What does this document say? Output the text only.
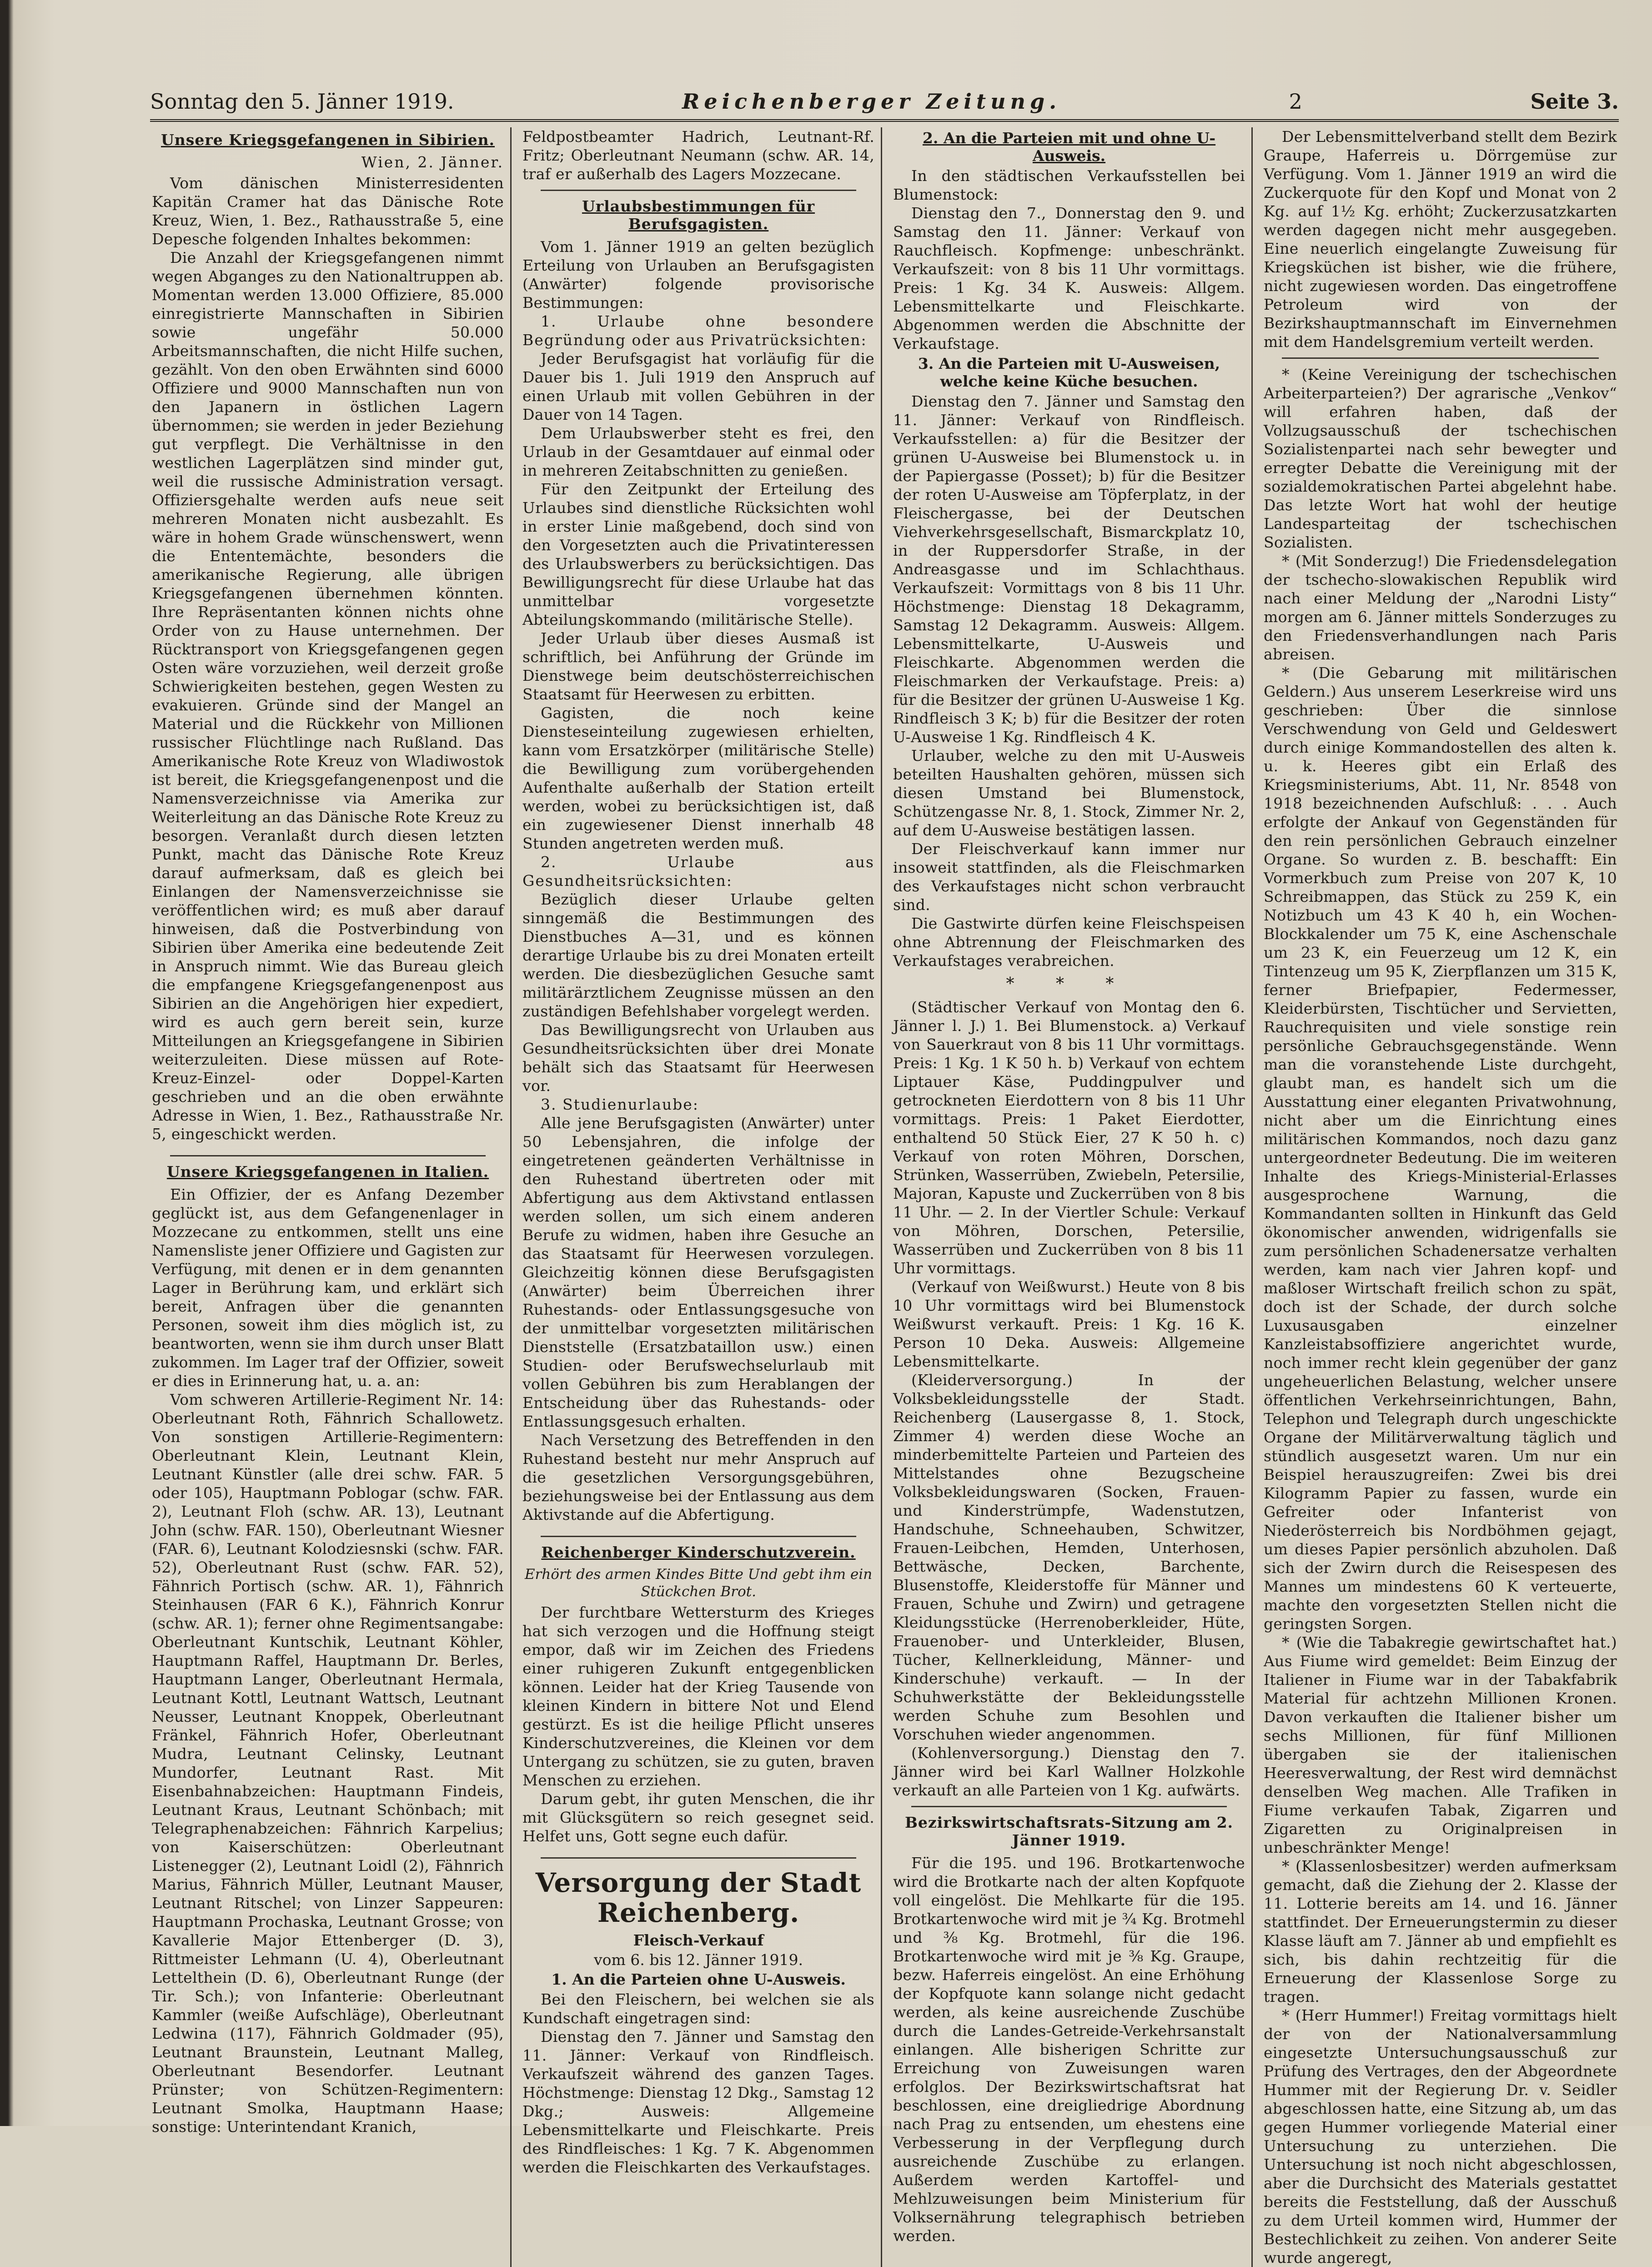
Sonntag den 5. Jänner 1919.	Reichenberger Zeitung.	2	Seite 3.
Unsere Kriegsgefangenen in Sibirien.
Wien, 2. Jänner.

Vom dänischen Ministerresidenten Kapitän Cramer hat das Dänische Rote Kreuz, Wien, 1. Bez., Rathausstraße 5, eine Depesche folgenden Inhaltes bekommen:

Die Anzahl der Kriegsgefangenen nimmt wegen Abganges zu den Nationaltruppen ab. Momentan werden 13.000 Offiziere, 85.000 einregistrierte Mannschaften in Sibirien sowie ungefähr 50.000 Arbeitsmannschaften, die nicht Hilfe suchen, gezählt. Von den oben Erwähnten sind 6000 Offiziere und 9000 Mannschaften nun von den Japanern in östlichen Lagern übernommen; sie werden in jeder Beziehung gut verpflegt. Die Verhältnisse in den westlichen Lagerplätzen sind minder gut, weil die russische Administration versagt. Offiziersgehalte werden aufs neue seit mehreren Monaten nicht ausbezahlt. Es wäre in hohem Grade wünschenswert, wenn die Ententemächte, besonders die amerikanische Regierung, alle übrigen Kriegsgefangenen übernehmen könnten. Ihre Repräsentanten können nichts ohne Order von zu Hause unternehmen. Der Rücktransport von Kriegsgefangenen gegen Osten wäre vorzuziehen, weil derzeit große Schwierigkeiten bestehen, gegen Westen zu evakuieren. Gründe sind der Mangel an Material und die Rückkehr von Millionen russischer Flüchtlinge nach Rußland. Das Amerikanische Rote Kreuz von Wladiwostok ist bereit, die Kriegsgefangenenpost und die Namensverzeichnisse via Amerika zur Weiterleitung an das Dänische Rote Kreuz zu besorgen. Veranlaßt durch diesen letzten Punkt, macht das Dänische Rote Kreuz darauf aufmerksam, daß es gleich bei Einlangen der Namensverzeichnisse sie veröffentlichen wird; es muß aber darauf hinweisen, daß die Postverbindung von Sibirien über Amerika eine bedeutende Zeit in Anspruch nimmt. Wie das Bureau gleich die empfangene Kriegsgefangenenpost aus Sibirien an die Angehörigen hier expediert, wird es auch gern bereit sein, kurze Mitteilungen an Kriegsgefangene in Sibirien weiterzuleiten. Diese müssen auf Rote-Kreuz-Einzel- oder Doppel-Karten geschrieben und an die oben erwähnte Adresse in Wien, 1. Bez., Rathausstraße Nr. 5, eingeschickt werden.

Unsere Kriegsgefangenen in Italien.

Ein Offizier, der es Anfang Dezember geglückt ist, aus dem Gefangenenlager in Mozzecane zu entkommen, stellt uns eine Namensliste jener Offiziere und Gagisten zur Verfügung, mit denen er in dem genannten Lager in Berührung kam, und erklärt sich bereit, Anfragen über die genannten Personen, soweit ihm dies möglich ist, zu beantworten, wenn sie ihm durch unser Blatt zukommen. Im Lager traf der Offizier, soweit er dies in Erinnerung hat, u. a. an:

Vom schweren Artillerie-Regiment Nr. 14: Oberleutnant Roth, Fähnrich Schallowetz. Von sonstigen Artillerie-Regimentern: Oberleutnant Klein, Leutnant Klein, Leutnant Künstler (alle drei schw. FAR. 5 oder 105), Hauptmann Poblogar (schw. FAR. 2), Leutnant Floh (schw. AR. 13), Leutnant John (schw. FAR. 150), Oberleutnant Wiesner (FAR. 6), Leutnant Kolodziesnski (schw. FAR. 52), Oberleutnant Rust (schw. FAR. 52), Fähnrich Portisch (schw. AR. 1), Fähnrich Steinhausen (FAR 6 K.), Fähnrich Konrur (schw. AR. 1); ferner ohne Regimentsangabe: Oberleutnant Kuntschik, Leutnant Köhler, Hauptmann Raffel, Hauptmann Dr. Berles, Hauptmann Langer, Oberleutnant Hermala, Leutnant Kottl, Leutnant Wattsch, Leutnant Neusser, Leutnant Knoppek, Oberleutnant Fränkel, Fähnrich Hofer, Oberleutnant Mudra, Leutnant Celinsky, Leutnant Mundorfer, Leutnant Rast. Mit Eisenbahnabzeichen: Hauptmann Findeis, Leutnant Kraus, Leutnant Schönbach; mit Telegraphenabzeichen: Fähnrich Karpelius; von Kaiserschützen: Oberleutnant Listenegger (2), Leutnant Loidl (2), Fähnrich Marius, Fähnrich Müller, Leutnant Mauser, Leutnant Ritschel; von Linzer Sappeuren: Hauptmann Prochaska, Leutnant Grosse; von Kavallerie Major Ettenberger (D. 3), Rittmeister Lehmann (U. 4), Oberleutnant Lettelthein (D. 6), Oberleutnant Runge (der Tir. Sch.); von Infanterie: Oberleutnant Kammler (weiße Aufschläge), Oberleutnant Ledwina (117), Fähnrich Goldmader (95), Leutnant Braunstein, Leutnant Malleg, Oberleutnant Besendorfer. Leutnant Prünster; von Schützen-Regimentern: Leutnant Smolka, Hauptmann Haase; sonstige: Unterintendant Kranich,

Feldpostbeamter Hadrich, Leutnant-Rf. Fritz; Oberleutnant Neumann (schw. AR. 14, traf er außerhalb des Lagers Mozzecane.

Urlaubsbestimmungen für Berufsgagisten.

Vom 1. Jänner 1919 an gelten bezüglich Erteilung von Urlauben an Berufsgagisten (Anwärter) folgende provisorische Bestimmungen:

1. Urlaube ohne besondere Begründung oder aus Privatrücksichten:

Jeder Berufsgagist hat vorläufig für die Dauer bis 1. Juli 1919 den Anspruch auf einen Urlaub mit vollen Gebühren in der Dauer von 14 Tagen.

Dem Urlaubswerber steht es frei, den Urlaub in der Gesamtdauer auf einmal oder in mehreren Zeitabschnitten zu genießen.

Für den Zeitpunkt der Erteilung des Urlaubes sind dienstliche Rücksichten wohl in erster Linie maßgebend, doch sind von den Vorgesetzten auch die Privatinteressen des Urlaubswerbers zu berücksichtigen. Das Bewilligungsrecht für diese Urlaube hat das unmittelbar vorgesetzte Abteilungskommando (militärische Stelle).

Jeder Urlaub über dieses Ausmaß ist schriftlich, bei Anführung der Gründe im Dienstwege beim deutschösterreichischen Staatsamt für Heerwesen zu erbitten.

Gagisten, die noch keine Diensteseinteilung zugewiesen erhielten, kann vom Ersatzkörper (militärische Stelle) die Bewilligung zum vorübergehenden Aufenthalte außerhalb der Station erteilt werden, wobei zu berücksichtigen ist, daß ein zugewiesener Dienst innerhalb 48 Stunden angetreten werden muß.

2. Urlaube aus Gesundheitsrücksichten:

Bezüglich dieser Urlaube gelten sinngemäß die Bestimmungen des Dienstbuches A—31, und es können derartige Urlaube bis zu drei Monaten erteilt werden. Die diesbezüglichen Gesuche samt militärärztlichem Zeugnisse müssen an den zuständigen Befehlshaber vorgelegt werden.

Das Bewilligungsrecht von Urlauben aus Gesundheitsrücksichten über drei Monate behält sich das Staatsamt für Heerwesen vor.

3. Studienurlaube:

Alle jene Berufsgagisten (Anwärter) unter 50 Lebensjahren, die infolge der eingetretenen geänderten Verhältnisse in den Ruhestand übertreten oder mit Abfertigung aus dem Aktivstand entlassen werden sollen, um sich einem anderen Berufe zu widmen, haben ihre Gesuche an das Staatsamt für Heerwesen vorzulegen. Gleichzeitig können diese Berufsgagisten (Anwärter) beim Überreichen ihrer Ruhestands- oder Entlassungsgesuche von der unmittelbar vorgesetzten militärischen Dienststelle (Ersatzbataillon usw.) einen Studien- oder Berufswechselurlaub mit vollen Gebühren bis zum Herablangen der Entscheidung über das Ruhestands- oder Entlassungsgesuch erhalten.

Nach Versetzung des Betreffenden in den Ruhestand besteht nur mehr Anspruch auf die gesetzlichen Versorgungsgebühren, beziehungsweise bei der Entlassung aus dem Aktivstande auf die Abfertigung.

Reichenberger Kinderschutzverein.
Erhört des armen Kindes Bitte Und gebt ihm ein Stückchen Brot.

Der furchtbare Wettersturm des Krieges hat sich verzogen und die Hoffnung steigt empor, daß wir im Zeichen des Friedens einer ruhigeren Zukunft entgegenblicken können. Leider hat der Krieg Tausende von kleinen Kindern in bittere Not und Elend gestürzt. Es ist die heilige Pflicht unseres Kinderschutzvereines, die Kleinen vor dem Untergang zu schützen, sie zu guten, braven Menschen zu erziehen.

Darum gebt, ihr guten Menschen, die ihr mit Glücksgütern so reich gesegnet seid. Helfet uns, Gott segne euch dafür.

Versorgung der Stadt Reichenberg.
Fleisch-Verkauf
vom 6. bis 12. Jänner 1919.
1. An die Parteien ohne U-Ausweis.

Bei den Fleischern, bei welchen sie als Kundschaft eingetragen sind:

Dienstag den 7. Jänner und Samstag den 11. Jänner: Verkauf von Rindfleisch. Verkaufszeit während des ganzen Tages. Höchstmenge: Dienstag 12 Dkg., Samstag 12 Dkg.; Ausweis: Allgemeine Lebensmittelkarte und Fleischkarte. Preis des Rindfleisches: 1 Kg. 7 K. Abgenommen werden die Fleischkarten des Verkaufstages.

2. An die Parteien mit und ohne U-Ausweis.

In den städtischen Verkaufsstellen bei Blumenstock:

Dienstag den 7., Donnerstag den 9. und Samstag den 11. Jänner: Verkauf von Rauchfleisch. Kopfmenge: unbeschränkt. Verkaufszeit: von 8 bis 11 Uhr vormittags. Preis: 1 Kg. 34 K. Ausweis: Allgem. Lebensmittelkarte und Fleischkarte. Abgenommen werden die Abschnitte der Verkaufstage.

3. An die Parteien mit U-Ausweisen, welche keine Küche besuchen.

Dienstag den 7. Jänner und Samstag den 11. Jänner: Verkauf von Rindfleisch. Verkaufsstellen: a) für die Besitzer der grünen U-Ausweise bei Blumenstock u. in der Papiergasse (Posset); b) für die Besitzer der roten U-Ausweise am Töpferplatz, in der Fleischergasse, bei der Deutschen Viehverkehrsgesellschaft, Bismarckplatz 10, in der Ruppersdorfer Straße, in der Andreasgasse und im Schlachthaus. Verkaufszeit: Vormittags von 8 bis 11 Uhr. Höchstmenge: Dienstag 18 Dekagramm, Samstag 12 Dekagramm. Ausweis: Allgem. Lebensmittelkarte, U-Ausweis und Fleischkarte. Abgenommen werden die Fleischmarken der Verkaufstage. Preis: a) für die Besitzer der grünen U-Ausweise 1 Kg. Rindfleisch 3 K; b) für die Besitzer der roten U-Ausweise 1 Kg. Rindfleisch 4 K.

Urlauber, welche zu den mit U-Ausweis beteilten Haushalten gehören, müssen sich diesen Umstand bei Blumenstock, Schützengasse Nr. 8, 1. Stock, Zimmer Nr. 2, auf dem U-Ausweise bestätigen lassen.

Der Fleischverkauf kann immer nur insoweit stattfinden, als die Fleischmarken des Verkaufstages nicht schon verbraucht sind.

Die Gastwirte dürfen keine Fleischspeisen ohne Abtrennung der Fleischmarken des Verkaufstages verabreichen.

* * *

(Städtischer Verkauf von Montag den 6. Jänner l. J.) 1. Bei Blumenstock. a) Verkauf von Sauerkraut von 8 bis 11 Uhr vormittags. Preis: 1 Kg. 1 K 50 h. b) Verkauf von echtem Liptauer Käse, Puddingpulver und getrockneten Eierdottern von 8 bis 11 Uhr vormittags. Preis: 1 Paket Eierdotter, enthaltend 50 Stück Eier, 27 K 50 h. c) Verkauf von roten Möhren, Dorschen, Strünken, Wasserrüben, Zwiebeln, Petersilie, Majoran, Kapuste und Zuckerrüben von 8 bis 11 Uhr. — 2. In der Viertler Schule: Verkauf von Möhren, Dorschen, Petersilie, Wasserrüben und Zuckerrüben von 8 bis 11 Uhr vormittags.

(Verkauf von Weißwurst.) Heute von 8 bis 10 Uhr vormittags wird bei Blumenstock Weißwurst verkauft. Preis: 1 Kg. 16 K. Person 10 Deka. Ausweis: Allgemeine Lebensmittelkarte.

(Kleiderversorgung.) In der Volksbekleidungsstelle der Stadt. Reichenberg (Lausergasse 8, 1. Stock, Zimmer 4) werden diese Woche an minderbemittelte Parteien und Parteien des Mittelstandes ohne Bezugscheine Volksbekleidungswaren (Socken, Frauen- und Kinderstrümpfe, Wadenstutzen, Handschuhe, Schneehauben, Schwitzer, Frauen-Leibchen, Hemden, Unterhosen, Bettwäsche, Decken, Barchente, Blusenstoffe, Kleiderstoffe für Männer und Frauen, Schuhe und Zwirn) und getragene Kleidungsstücke (Herrenoberkleider, Hüte, Frauenober- und Unterkleider, Blusen, Tücher, Kellnerkleidung, Männer- und Kinderschuhe) verkauft. — In der Schuhwerkstätte der Bekleidungsstelle werden Schuhe zum Besohlen und Vorschuhen wieder angenommen.

(Kohlenversorgung.) Dienstag den 7. Jänner wird bei Karl Wallner Holzkohle verkauft an alle Parteien von 1 Kg. aufwärts.

Bezirkswirtschaftsrats-Sitzung am 2. Jänner 1919.

Für die 195. und 196. Brotkartenwoche wird die Brotkarte nach der alten Kopfquote voll eingelöst. Die Mehlkarte für die 195. Brotkartenwoche wird mit je ¾ Kg. Brotmehl und ⅜ Kg. Brotmehl, für die 196. Brotkartenwoche wird mit je ⅜ Kg. Graupe, bezw. Haferreis eingelöst. An eine Erhöhung der Kopfquote kann solange nicht gedacht werden, als keine ausreichende Zuschübe durch die Landes-Getreide-Verkehrsanstalt einlangen. Alle bisherigen Schritte zur Erreichung von Zuweisungen waren erfolglos. Der Bezirkswirtschaftsrat hat beschlossen, eine dreigliedrige Abordnung nach Prag zu entsenden, um ehestens eine Verbesserung in der Verpflegung durch ausreichende Zuschübe zu erlangen. Außerdem werden Kartoffel- und Mehlzuweisungen beim Ministerium für Volksernährung telegraphisch betrieben werden.

Der Lebensmittelverband stellt dem Bezirk Graupe, Haferreis u. Dörrgemüse zur Verfügung. Vom 1. Jänner 1919 an wird die Zuckerquote für den Kopf und Monat von 2 Kg. auf 1½ Kg. erhöht; Zuckerzusatzkarten werden dagegen nicht mehr ausgegeben. Eine neuerlich eingelangte Zuweisung für Kriegsküchen ist bisher, wie die frühere, nicht zugewiesen worden. Das eingetroffene Petroleum wird von der Bezirkshauptmannschaft im Einvernehmen mit dem Handelsgremium verteilt werden.

* (Keine Vereinigung der tschechischen Arbeiterparteien?) Der agrarische „Venkov“ will erfahren haben, daß der Vollzugsausschuß der tschechischen Sozialistenpartei nach sehr bewegter und erregter Debatte die Vereinigung mit der sozialdemokratischen Partei abgelehnt habe. Das letzte Wort hat wohl der heutige Landesparteitag der tschechischen Sozialisten.

* (Mit Sonderzug!) Die Friedensdelegation der tschecho-slowakischen Republik wird nach einer Meldung der „Narodni Listy“ morgen am 6. Jänner mittels Sonderzuges zu den Friedensverhandlungen nach Paris abreisen.

* (Die Gebarung mit militärischen Geldern.) Aus unserem Leserkreise wird uns geschrieben: Über die sinnlose Verschwendung von Geld und Geldeswert durch einige Kommandostellen des alten k. u. k. Heeres gibt ein Erlaß des Kriegsministeriums, Abt. 11, Nr. 8548 von 1918 bezeichnenden Aufschluß: . . . Auch erfolgte der Ankauf von Gegenständen für den rein persönlichen Gebrauch einzelner Organe. So wurden z. B. beschafft: Ein Vormerkbuch zum Preise von 207 K, 10 Schreibmappen, das Stück zu 259 K, ein Notizbuch um 43 K 40 h, ein Wochen-Blockkalender um 75 K, eine Aschenschale um 23 K, ein Feuerzeug um 12 K, ein Tintenzeug um 95 K, Zierpflanzen um 315 K, ferner Briefpapier, Federmesser, Kleiderbürsten, Tischtücher und Servietten, Rauchrequisiten und viele sonstige rein persönliche Gebrauchsgegenstände. Wenn man die voranstehende Liste durchgeht, glaubt man, es handelt sich um die Ausstattung einer eleganten Privatwohnung, nicht aber um die Einrichtung eines militärischen Kommandos, noch dazu ganz untergeordneter Bedeutung. Die im weiteren Inhalte des Kriegs-Ministerial-Erlasses ausgesprochene Warnung, die Kommandanten sollten in Hinkunft das Geld ökonomischer anwenden, widrigenfalls sie zum persönlichen Schadenersatze verhalten werden, kam nach vier Jahren kopf- und maßloser Wirtschaft freilich schon zu spät, doch ist der Schade, der durch solche Luxusausgaben einzelner Kanzleistabsoffiziere angerichtet wurde, noch immer recht klein gegenüber der ganz ungeheuerlichen Belastung, welcher unsere öffentlichen Verkehrseinrichtungen, Bahn, Telephon und Telegraph durch ungeschickte Organe der Militärverwaltung täglich und stündlich ausgesetzt waren. Um nur ein Beispiel herauszugreifen: Zwei bis drei Kilogramm Papier zu fassen, wurde ein Gefreiter oder Infanterist von Niederösterreich bis Nordböhmen gejagt, um dieses Papier persönlich abzuholen. Daß sich der Zwirn durch die Reisespesen des Mannes um mindestens 60 K verteuerte, machte den vorgesetzten Stellen nicht die geringsten Sorgen.

* (Wie die Tabakregie gewirtschaftet hat.) Aus Fiume wird gemeldet: Beim Einzug der Italiener in Fiume war in der Tabakfabrik Material für achtzehn Millionen Kronen. Davon verkauften die Italiener bisher um sechs Millionen, für fünf Millionen übergaben sie der italienischen Heeresverwaltung, der Rest wird demnächst denselben Weg machen. Alle Trafiken in Fiume verkaufen Tabak, Zigarren und Zigaretten zu Originalpreisen in unbeschränkter Menge!

* (Klassenlosbesitzer) werden aufmerksam gemacht, daß die Ziehung der 2. Klasse der 11. Lotterie bereits am 14. und 16. Jänner stattfindet. Der Erneuerungstermin zu dieser Klasse läuft am 7. Jänner ab und empfiehlt es sich, bis dahin rechtzeitig für die Erneuerung der Klassenlose Sorge zu tragen.

* (Herr Hummer!) Freitag vormittags hielt der von der Nationalversammlung eingesetzte Untersuchungsausschuß zur Prüfung des Vertrages, den der Abgeordnete Hummer mit der Regierung Dr. v. Seidler abgeschlossen hatte, eine Sitzung ab, um das gegen Hummer vorliegende Material einer Untersuchung zu unterziehen. Die Untersuchung ist noch nicht abgeschlossen, aber die Durchsicht des Materials gestattet bereits die Feststellung, daß der Ausschuß zu dem Urteil kommen wird, Hummer der Bestechlichkeit zu zeihen. Von anderer Seite wurde angeregt,
